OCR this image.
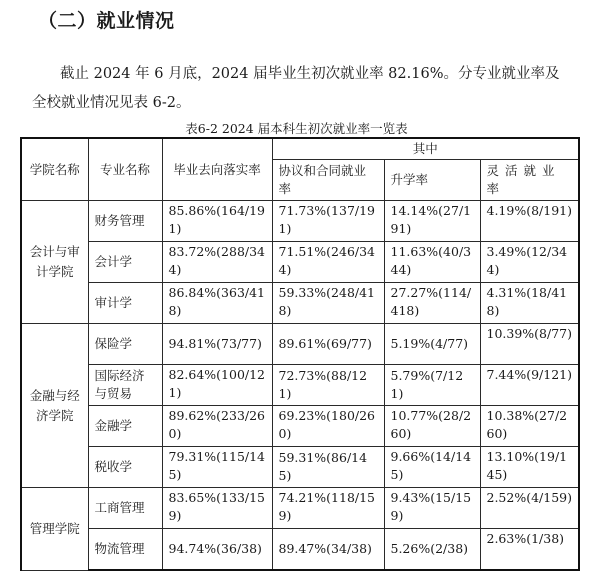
（二）就业情况
截止 2024 年 6 月底，2024 届毕业生初次就业率 82.16%。分专业就业率及全校就业情况见表 6-2。
表6-2 2024 届本科生初次就业率一览表
学院名称	专业名称	毕业去向落实率	其中		
			协议和合同就业率	升学率	灵活就业率
会计与审计学院	财务管理	85.86%(164/191)	71.73%(137/191)	14.14%(27/191)	4.19%(8/191)
	会计学	83.72%(288/344)	71.51%(246/344)	11.63%(40/344)	3.49%(12/344)
	审计学	86.84%(363/418)	59.33%(248/418)	27.27%(114/418)	4.31%(18/418)
金融与经济学院	保险学	94.81%(73/77)	89.61%(69/77)	5.19%(4/77)	10.39%(8/77)
	国际经济与贸易	82.64%(100/121)	72.73%(88/121)	5.79%(7/121)	7.44%(9/121)
	金融学	89.62%(233/260)	69.23%(180/260)	10.77%(28/260)	10.38%(27/260)
	税收学	79.31%(115/145)	59.31%(86/145)	9.66%(14/145)	13.10%(19/145)
管理学院	工商管理	83.65%(133/159)	74.21%(118/159)	9.43%(15/159)	2.52%(4/159)
	物流管理	94.74%(36/38)	89.47%(34/38)	5.26%(2/38)	2.63%(1/38)
